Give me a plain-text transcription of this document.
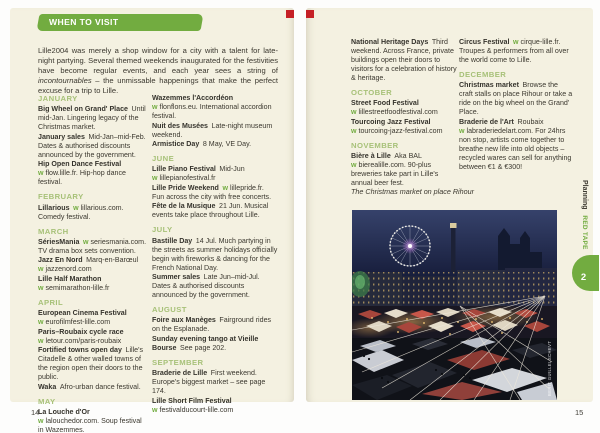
WHEN TO VISIT
Lille2004 was merely a shop window for a city with a talent for late-night partying. Several themed weekends inaugurated for the festivities have become regular events, and each year sees a string of incontournables – the unmissable happenings that make the perfect excuse for a trip to Lille.
JANUARY
Big Wheel on Grand' Place Until mid-Jan. Lingering legacy of the Christmas market.
January sales Mid-Jan–mid-Feb. Dates & authorised discounts announced by the government.
Hip Open Dance Festival w flow.lille.fr. Hip-hop dance festival.
FEBRUARY
Lillarious  w lillarious.com. Comedy festival.
MARCH
SériesMania  w seriesmania.com. TV drama box sets convention.
Jazz En Nord Marq-en-Barœul w jazzenord.com
Lille Half Marathon w semimarathon-lille.fr
APRIL
European Cinema Festival w eurofilmfest-lille.com
Paris–Roubaix cycle race w letour.com/paris-roubaix
Fortified towns open day Lille's Citadelle & other walled towns of the region open their doors to the public.
Waka Afro-urban dance festival.
MAY
La Louche d'Or w lalouchedor.com. Soup festival in Wazemmes.
Wazemmes l'Accordéon w flonflons.eu. International accordion festival.
Nuit des Musées Late-night museum weekend.
Armistice Day 8 May, VE Day.
JUNE
Lille Piano Festival Mid-Jun w lillepianofestival.fr
Lille Pride Weekend  w lillepride.fr. Fun across the city with free concerts.
Fête de la Musique 21 Jun. Musical events take place throughout Lille.
JULY
Bastille Day 14 Jul. Much partying in the streets as summer holidays officially begin with fireworks & dancing for the French National Day.
Summer sales Late Jun–mid-Jul. Dates & authorised discounts announced by the government.
AUGUST
Foire aux Manèges Fairground rides on the Esplanade.
Sunday evening tango at Vieille Bourse See page 202.
SEPTEMBER
Braderie de Lille First weekend. Europe's biggest market – see page 174.
Lille Short Film Festival w festivalducourt-lille.com
National Heritage Days Third weekend. Across France, private buildings open their doors to visitors for a celebration of history & heritage.
OCTOBER
Street Food Festival w lillestreetfoodfestival.com
Tourcoing Jazz Festival w tourcoing-jazz-festival.com
NOVEMBER
Bière à Lille Aka BAL w bierealille.com. 90-plus breweries take part in Lille's annual beer fest.
Circus Festival  w cirque-lille.fr. Troupes & performers from all over the world come to Lille.
DECEMBER
Christmas market Browse the craft stalls on place Rihour or take a ride on the big wheel on the Grand' Place.
Braderie de l'Art Roubaix w labraderiedelart.com. For 24hrs non stop, artists come together to breathe new life into old objects – recycled wares can sell for anything between €1 & €300!
The Christmas market on place Rihour
BERIT GUILLELSCHEVT
Planning   RED TAPE
2
14	15
